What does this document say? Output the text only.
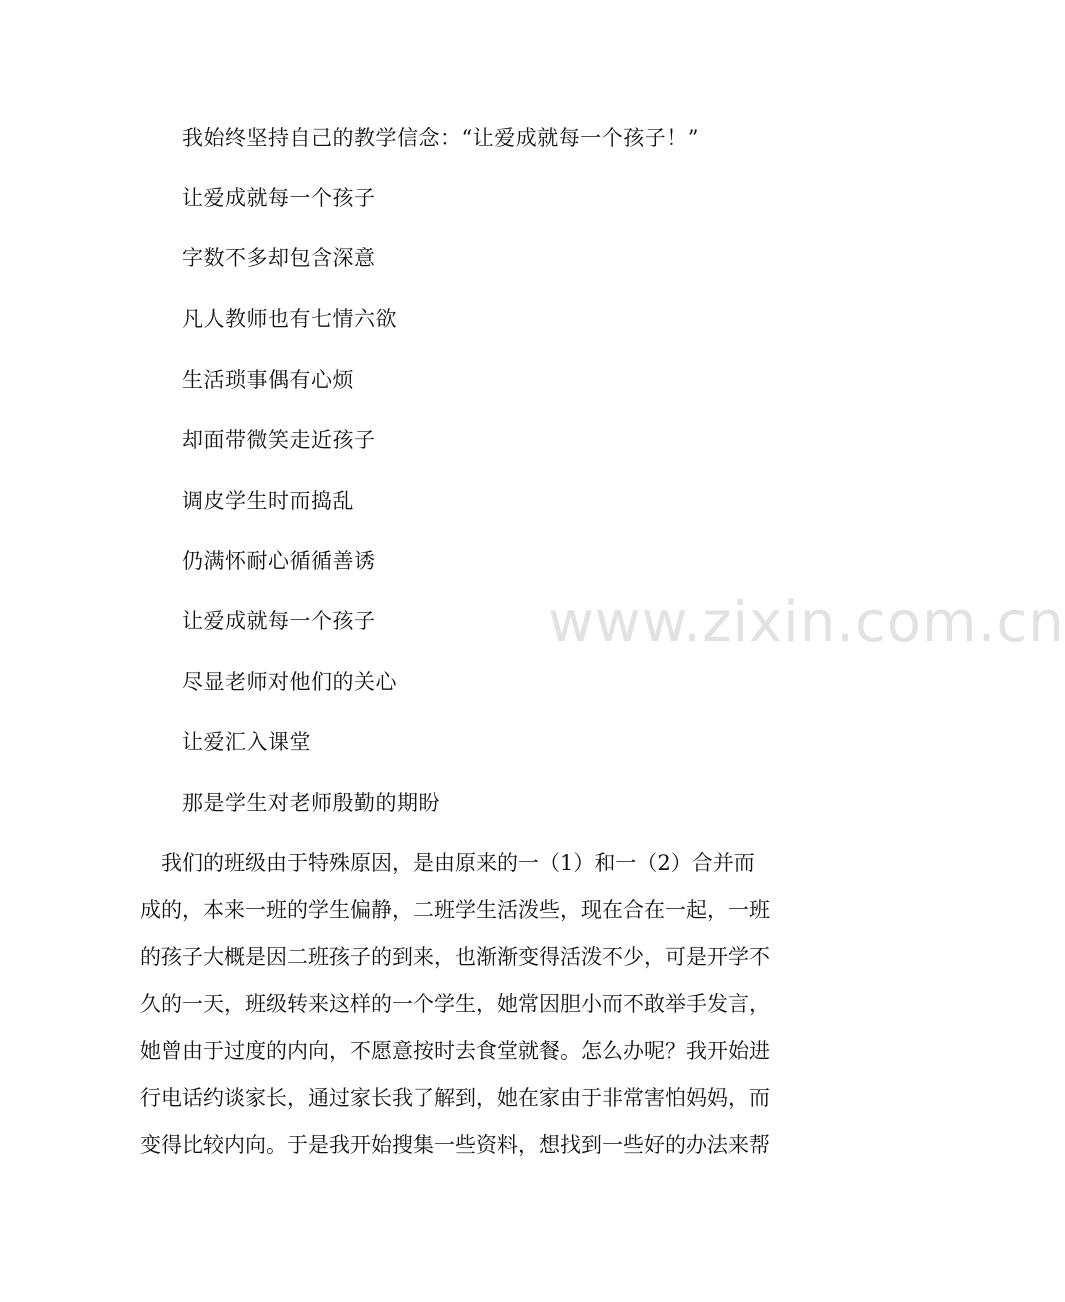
我始终坚持自己的教学信念：“让爱成就每一个孩子！”
让爱成就每一个孩子
字数不多却包含深意
凡人教师也有七情六欲
生活琐事偶有心烦
却面带微笑走近孩子
调皮学生时而捣乱
仍满怀耐心循循善诱
让爱成就每一个孩子
尽显老师对他们的关心
让爱汇入课堂
那是学生对老师殷勤的期盼
　我们的班级由于特殊原因，是由原来的一（1）和一（2）合并而
成的，本来一班的学生偏静，二班学生活泼些，现在合在一起，一班
的孩子大概是因二班孩子的到来，也渐渐变得活泼不少，可是开学不
久的一天，班级转来这样的一个学生，她常因胆小而不敢举手发言，
她曾由于过度的内向，不愿意按时去食堂就餐。怎么办呢？我开始进
行电话约谈家长，通过家长我了解到，她在家由于非常害怕妈妈，而
变得比较内向。于是我开始搜集一些资料，想找到一些好的办法来帮
www.zixin.com.cn
